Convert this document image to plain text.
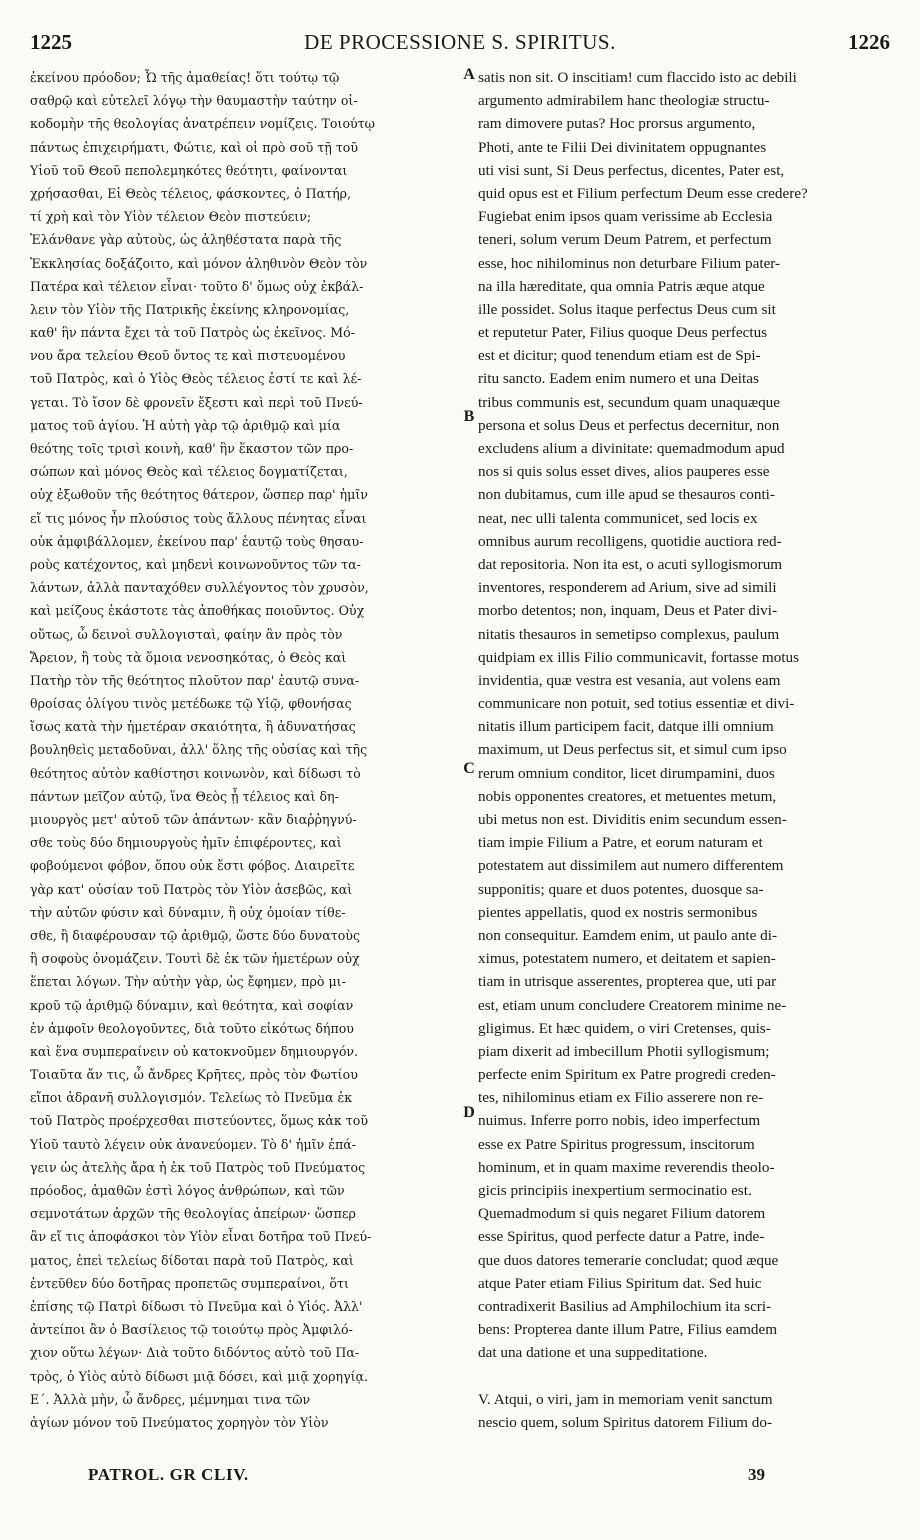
1225	DE PROCESSIONE S. SPIRITUS.	1226
ἐκείνου πρόοδον; Ὦ τῆς ἀμαθείας! ὅτι τούτῳ τῷ
σαθρῷ καὶ εὐτελεῖ λόγῳ τὴν θαυμαστὴν ταύτην οἰ-
κοδομὴν τῆς θεολογίας ἀνατρέπειν νομίζεις. Τοιούτῳ
πάντως ἐπιχειρήματι, Φώτιε, καὶ οἱ πρὸ σοῦ τῇ τοῦ
Υἱοῦ τοῦ Θεοῦ πεπολεμηκότες θεότητι, φαίνονται
χρήσασθαι, Εἰ Θεὸς τέλειος, φάσκοντες, ὁ Πατήρ,
τί χρὴ καὶ τὸν Υἱὸν τέλειον Θεὸν πιστεύειν;
Ἐλάνθανε γὰρ αὐτοὺς, ὡς ἀληθέστατα παρὰ τῆς
Ἐκκλησίας δοξάζοιτο, καὶ μόνον ἀληθινὸν Θεὸν τὸν
Πατέρα καὶ τέλειον εἶναι· τοῦτο δ' ὅμως οὐχ ἐκβάλ-
λειν τὸν Υἱὸν τῆς Πατρικῆς ἐκείνης κληρονομίας,
καθ' ἣν πάντα ἔχει τὰ τοῦ Πατρὸς ὡς ἐκεῖνος. Μό-
νου ἄρα τελείου Θεοῦ ὄντος τε καὶ πιστευομένου
τοῦ Πατρὸς, καὶ ὁ Υἱὸς Θεὸς τέλειος ἐστί τε καὶ λέ-
γεται. Τὸ ἴσον δὲ φρονεῖν ἔξεστι καὶ περὶ τοῦ Πνεύ-
ματος τοῦ ἁγίου. Ἡ αὐτὴ γὰρ τῷ ἀριθμῷ καὶ μία
θεότης τοῖς τρισὶ κοινὴ, καθ' ἣν ἕκαστον τῶν προ-
σώπων καὶ μόνος Θεὸς καὶ τέλειος δογματίζεται,
οὐχ ἐξωθοῦν τῆς θεότητος θάτερον, ὥσπερ παρ' ἡμῖν
εἴ τις μόνος ἦν πλούσιος τοὺς ἄλλους πένητας εἶναι
οὐκ ἀμφιβάλλομεν, ἐκείνου παρ' ἑαυτῷ τοὺς θησαυ-
ροὺς κατέχοντος, καὶ μηδενὶ κοινωνοῦντος τῶν τα-
λάντων, ἀλλὰ πανταχόθεν συλλέγοντος τὸν χρυσὸν,
καὶ μείζους ἑκάστοτε τὰς ἀποθήκας ποιοῦντος. Οὐχ
οὕτως, ὦ δεινοὶ συλλογισταὶ, φαίην ἂν πρὸς τὸν
Ἄρειον, ἢ τοὺς τὰ ὅμοια νενοσηκότας, ὁ Θεὸς καὶ
Πατὴρ τὸν τῆς θεότητος πλοῦτον παρ' ἑαυτῷ συνα-
θροίσας ὀλίγου τινὸς μετέδωκε τῷ Υἱῷ, φθονήσας
ἴσως κατὰ τὴν ἡμετέραν σκαιότητα, ἢ ἀδυνατήσας
βουληθεὶς μεταδοῦναι, ἀλλ' ὅλης τῆς οὐσίας καὶ τῆς
θεότητος αὐτὸν καθίστησι κοινωνὸν, καὶ δίδωσι τὸ
πάντων μεῖζον αὐτῷ, ἵνα Θεὸς ᾖ τέλειος καὶ δη-
μιουργὸς μετ' αὐτοῦ τῶν ἁπάντων· κἂν διαῤῥηγνύ-
σθε τοὺς δύο δημιουργοὺς ἡμῖν ἐπιφέροντες, καὶ
φοβούμενοι φόβον, ὅπου οὐκ ἔστι φόβος. Διαιρεῖτε
γὰρ κατ' οὐσίαν τοῦ Πατρὸς τὸν Υἱὸν ἀσεβῶς, καὶ
τὴν αὐτῶν φύσιν καὶ δύναμιν, ἢ οὐχ ὁμοίαν τίθε-
σθε, ἢ διαφέρουσαν τῷ ἀριθμῷ, ὥστε δύο δυνατοὺς
ἢ σοφοὺς ὀνομάζειν. Τουτὶ δὲ ἐκ τῶν ἡμετέρων οὐχ
ἕπεται λόγων. Τὴν αὐτὴν γὰρ, ὡς ἔφημεν, πρὸ μι-
κροῦ τῷ ἀριθμῷ δύναμιν, καὶ θεότητα, καὶ σοφίαν
ἐν ἀμφοῖν θεολογοῦντες, διὰ τοῦτο εἰκότως δήπου
καὶ ἕνα συμπεραίνειν οὐ κατοκνοῦμεν δημιουργόν.
Τοιαῦτα ἄν τις, ὦ ἄνδρες Κρῆτες, πρὸς τὸν Φωτίου
εἴποι ἀδρανῆ συλλογισμόν. Τελείως τὸ Πνεῦμα ἐκ
τοῦ Πατρὸς προέρχεσθαι πιστεύοντες, ὅμως κἀκ τοῦ
Υἱοῦ ταυτὸ λέγειν οὐκ ἀνανεύομεν. Τὸ δ' ἡμῖν ἐπά-
γειν ὡς ἀτελὴς ἄρα ἡ ἐκ τοῦ Πατρὸς τοῦ Πνεύματος
πρόοδος, ἀμαθῶν ἐστὶ λόγος ἀνθρώπων, καὶ τῶν
σεμνοτάτων ἀρχῶν τῆς θεολογίας ἀπείρων· ὥσπερ
ἂν εἴ τις ἀποφάσκοι τὸν Υἱὸν εἶναι δοτῆρα τοῦ Πνεύ-
ματος, ἐπεὶ τελείως δίδοται παρὰ τοῦ Πατρὸς, καὶ
ἐντεῦθεν δύο δοτῆρας προπετῶς συμπεραίνοι, ὅτι
ἐπίσης τῷ Πατρὶ δίδωσι τὸ Πνεῦμα καὶ ὁ Υἱός. Ἀλλ'
ἀντείποι ἂν ὁ Βασίλειος τῷ τοιούτῳ πρὸς Ἀμφιλό-
χιον οὕτω λέγων· Διὰ τοῦτο διδόντος αὐτὸ τοῦ Πα-
τρὸς, ὁ Υἱὸς αὐτὸ δίδωσι μιᾷ δόσει, καὶ μιᾷ χορηγίᾳ.
Ε΄. Ἀλλὰ μὴν, ὦ ἄνδρες, μέμνημαι τινα τῶν
ἁγίων μόνον τοῦ Πνεύματος χορηγὸν τὸν Υἱὸν
satis non sit. O inscitiam! cum flaccido isto ac debili
argumento admirabilem hanc theologiæ structu-
ram dimovere putas? Hoc prorsus argumento,
Photi, ante te Filii Dei divinitatem oppugnantes
uti visi sunt, Si Deus perfectus, dicentes, Pater est,
quid opus est et Filium perfectum Deum esse credere?
Fugiebat enim ipsos quam verissime ab Ecclesia
teneri, solum verum Deum Patrem, et perfectum
esse, hoc nihilominus non deturbare Filium pater-
na illa hæreditate, qua omnia Patris æque atque
ille possidet. Solus itaque perfectus Deus cum sit
et reputetur Pater, Filius quoque Deus perfectus
est et dicitur; quod tenendum etiam est de Spi-
ritu sancto. Eadem enim numero et una Deitas
tribus communis est, secundum quam unaquæque
persona et solus Deus et perfectus decernitur, non
excludens alium a divinitate: quemadmodum apud
nos si quis solus esset dives, alios pauperes esse
non dubitamus, cum ille apud se thesauros conti-
neat, nec ulli talenta communicet, sed locis ex
omnibus aurum recolligens, quotidie auctiora red-
dat repositoria. Non ita est, o acuti syllogismorum
inventores, responderem ad Arium, sive ad simili
morbo detentos; non, inquam, Deus et Pater divi-
nitatis thesauros in semetipso complexus, paulum
quidpiam ex illis Filio communicavit, fortasse motus
invidentia, quæ vestra est vesania, aut volens eam
communicare non potuit, sed totius essentiæ et divi-
nitatis illum participem facit, datque illi omnium
maximum, ut Deus perfectus sit, et simul cum ipso
rerum omnium conditor, licet dirumpamini, duos
nobis opponentes creatores, et metuentes metum,
ubi metus non est. Dividitis enim secundum essen-
tiam impie Filium a Patre, et eorum naturam et
potestatem aut dissimilem aut numero differentem
supponitis; quare et duos potentes, duosque sa-
pientes appellatis, quod ex nostris sermonibus
non consequitur. Eamdem enim, ut paulo ante di-
ximus, potestatem numero, et deitatem et sapien-
tiam in utrisque asserentes, propterea que, uti par
est, etiam unum concludere Creatorem minime ne-
gligimus. Et hæc quidem, o viri Cretenses, quis-
piam dixerit ad imbecillum Photii syllogismum;
perfecte enim Spiritum ex Patre progredi creden-
tes, nihilominus etiam ex Filio asserere non re-
nuimus. Inferre porro nobis, ideo imperfectum
esse ex Patre Spiritus progressum, inscitorum
hominum, et in quam maxime reverendis theolo-
gicis principiis inexpertium sermocinatio est.
Quemadmodum si quis negaret Filium datorem
esse Spiritus, quod perfecte datur a Patre, inde-
que duos datores temerarie concludat; quod æque
atque Pater etiam Filius Spiritum dat. Sed huic
contradixerit Basilius ad Amphilochium ita scri-
bens: Propterea dante illum Patre, Filius eamdem
dat una datione et una suppeditatione.
V. Atqui, o viri, jam in memoriam venit sanctum
nescio quem, solum Spiritus datorem Filium do-
A
B
C
D
PATROL. GR CLIV.	39
